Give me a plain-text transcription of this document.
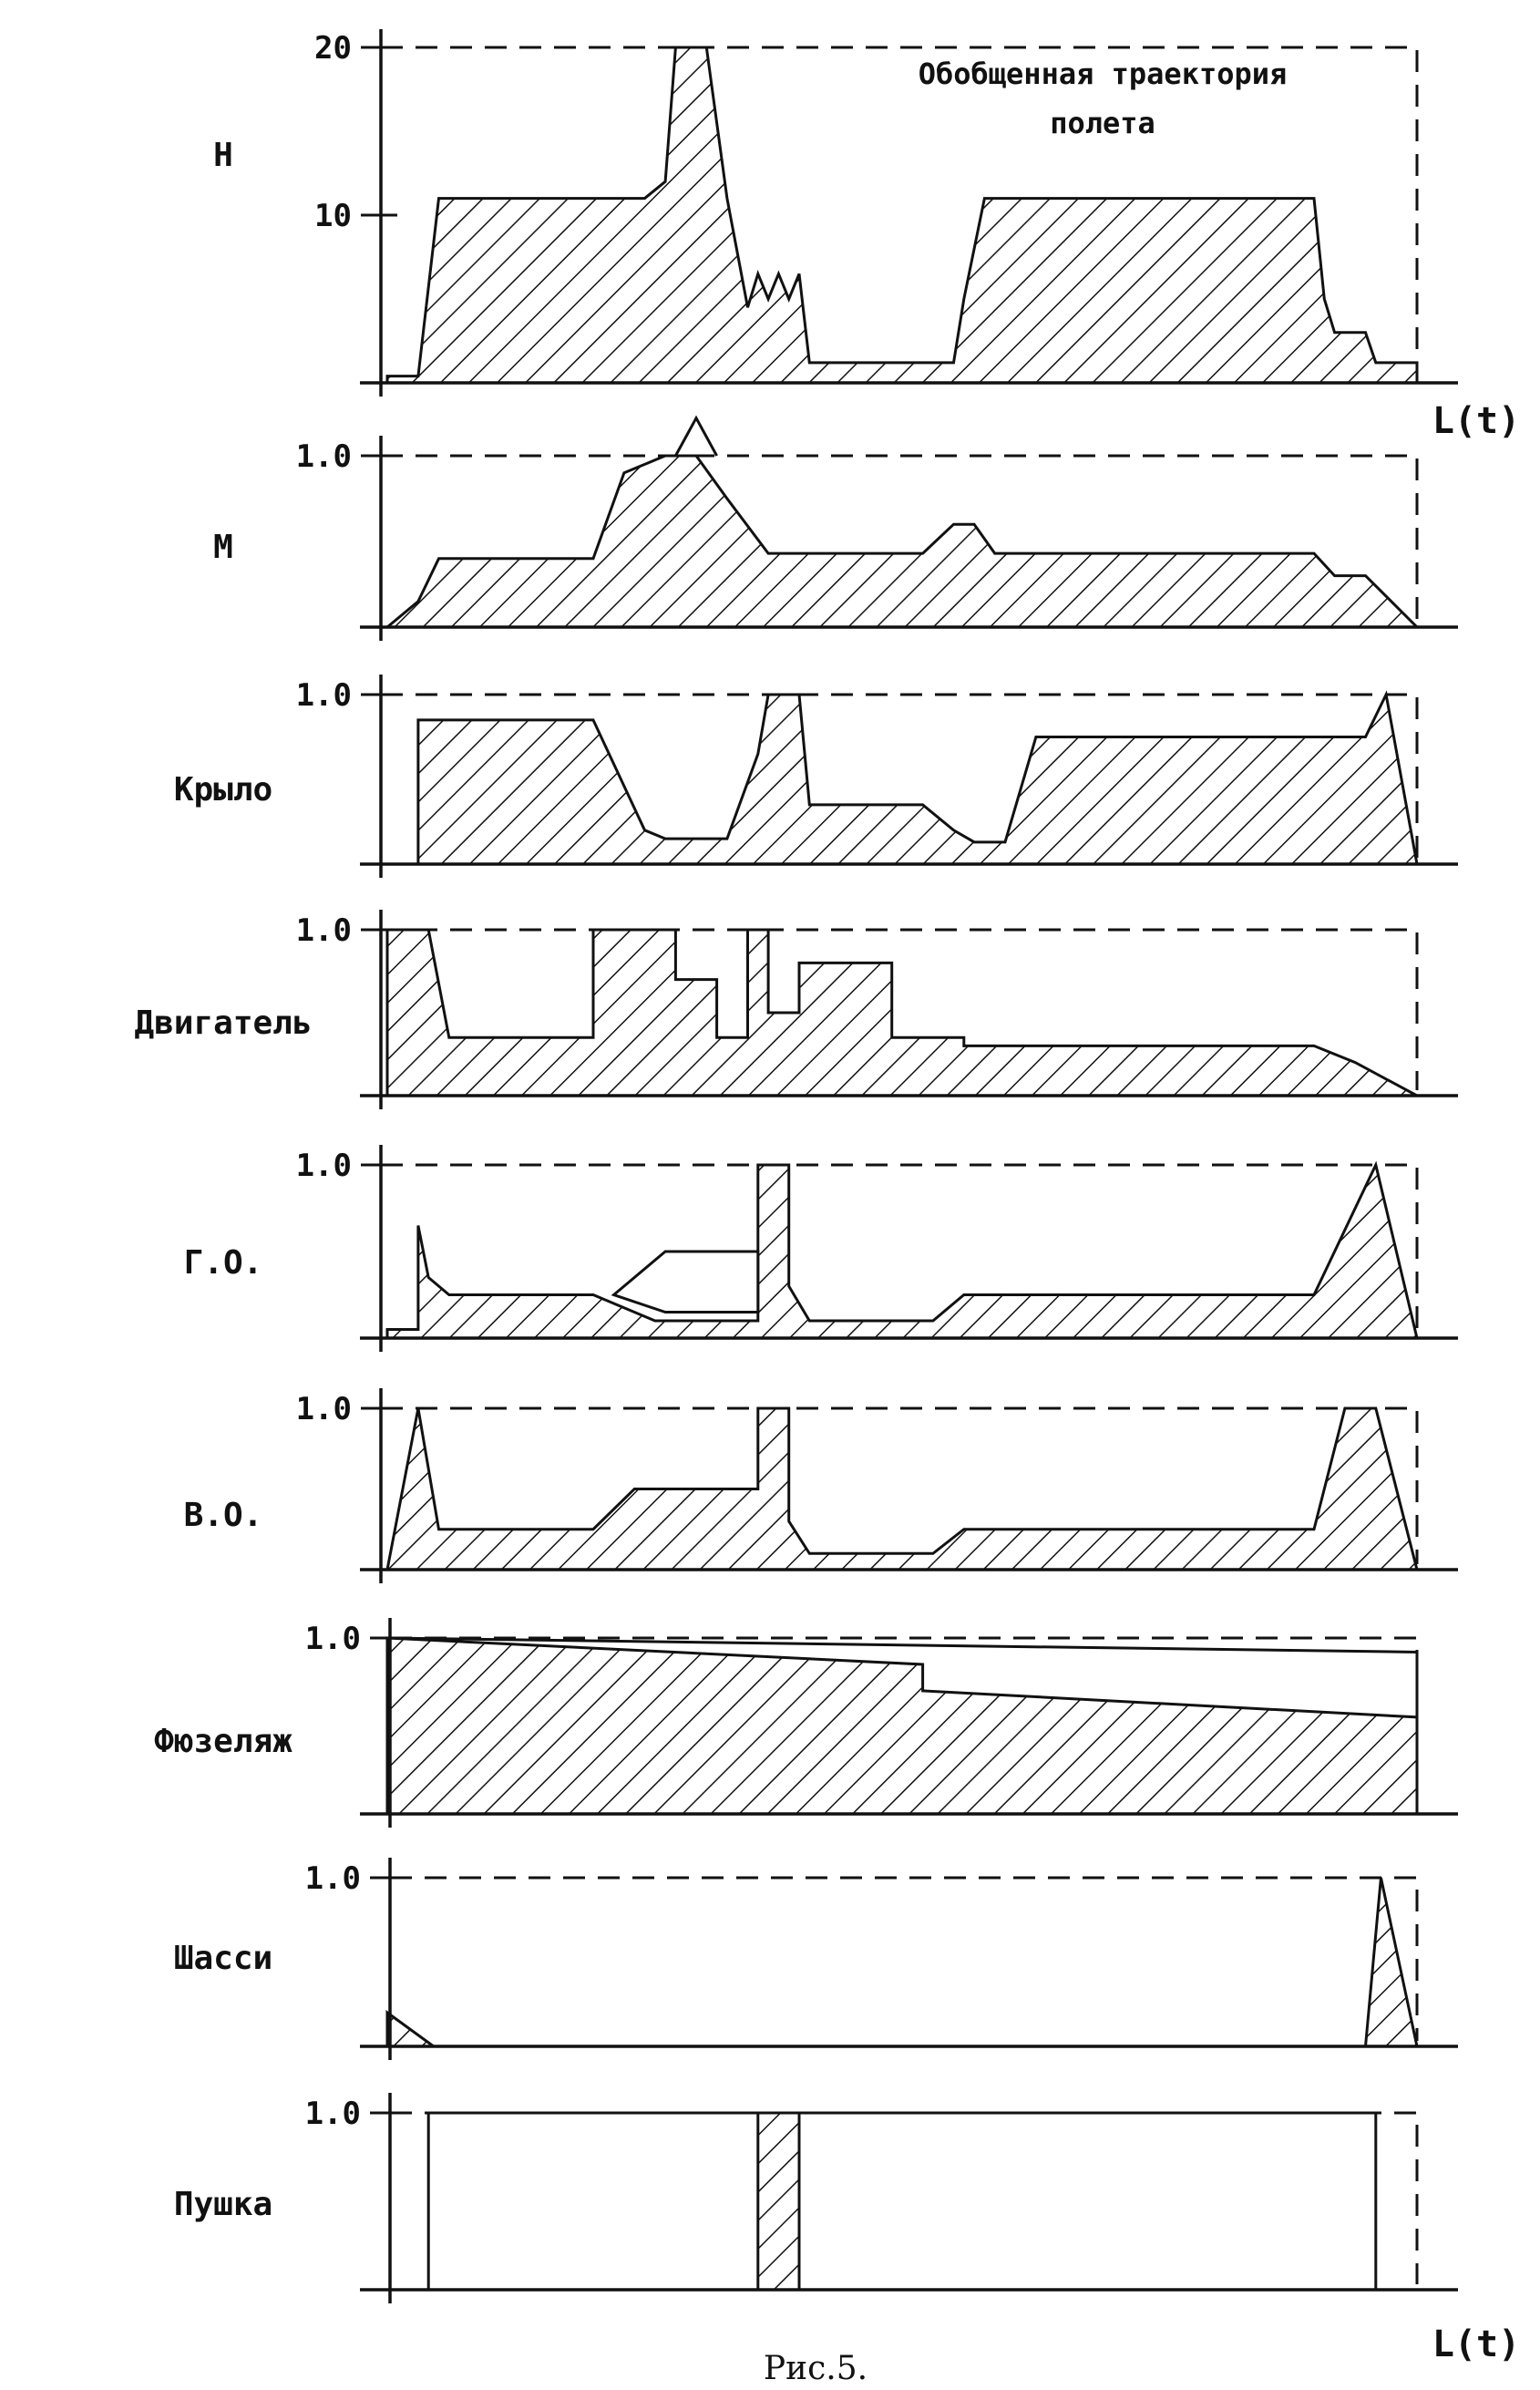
H
10
20
M
1.0
Крыло
1.0
Двигатель
1.0
Г.О.
1.0
В.О.
1.0
Фюзеляж
1.0
Шасси
1.0
Пушка
1.0
Обобщенная траектория
полета
L(t)
L(t)
Рис.5.
